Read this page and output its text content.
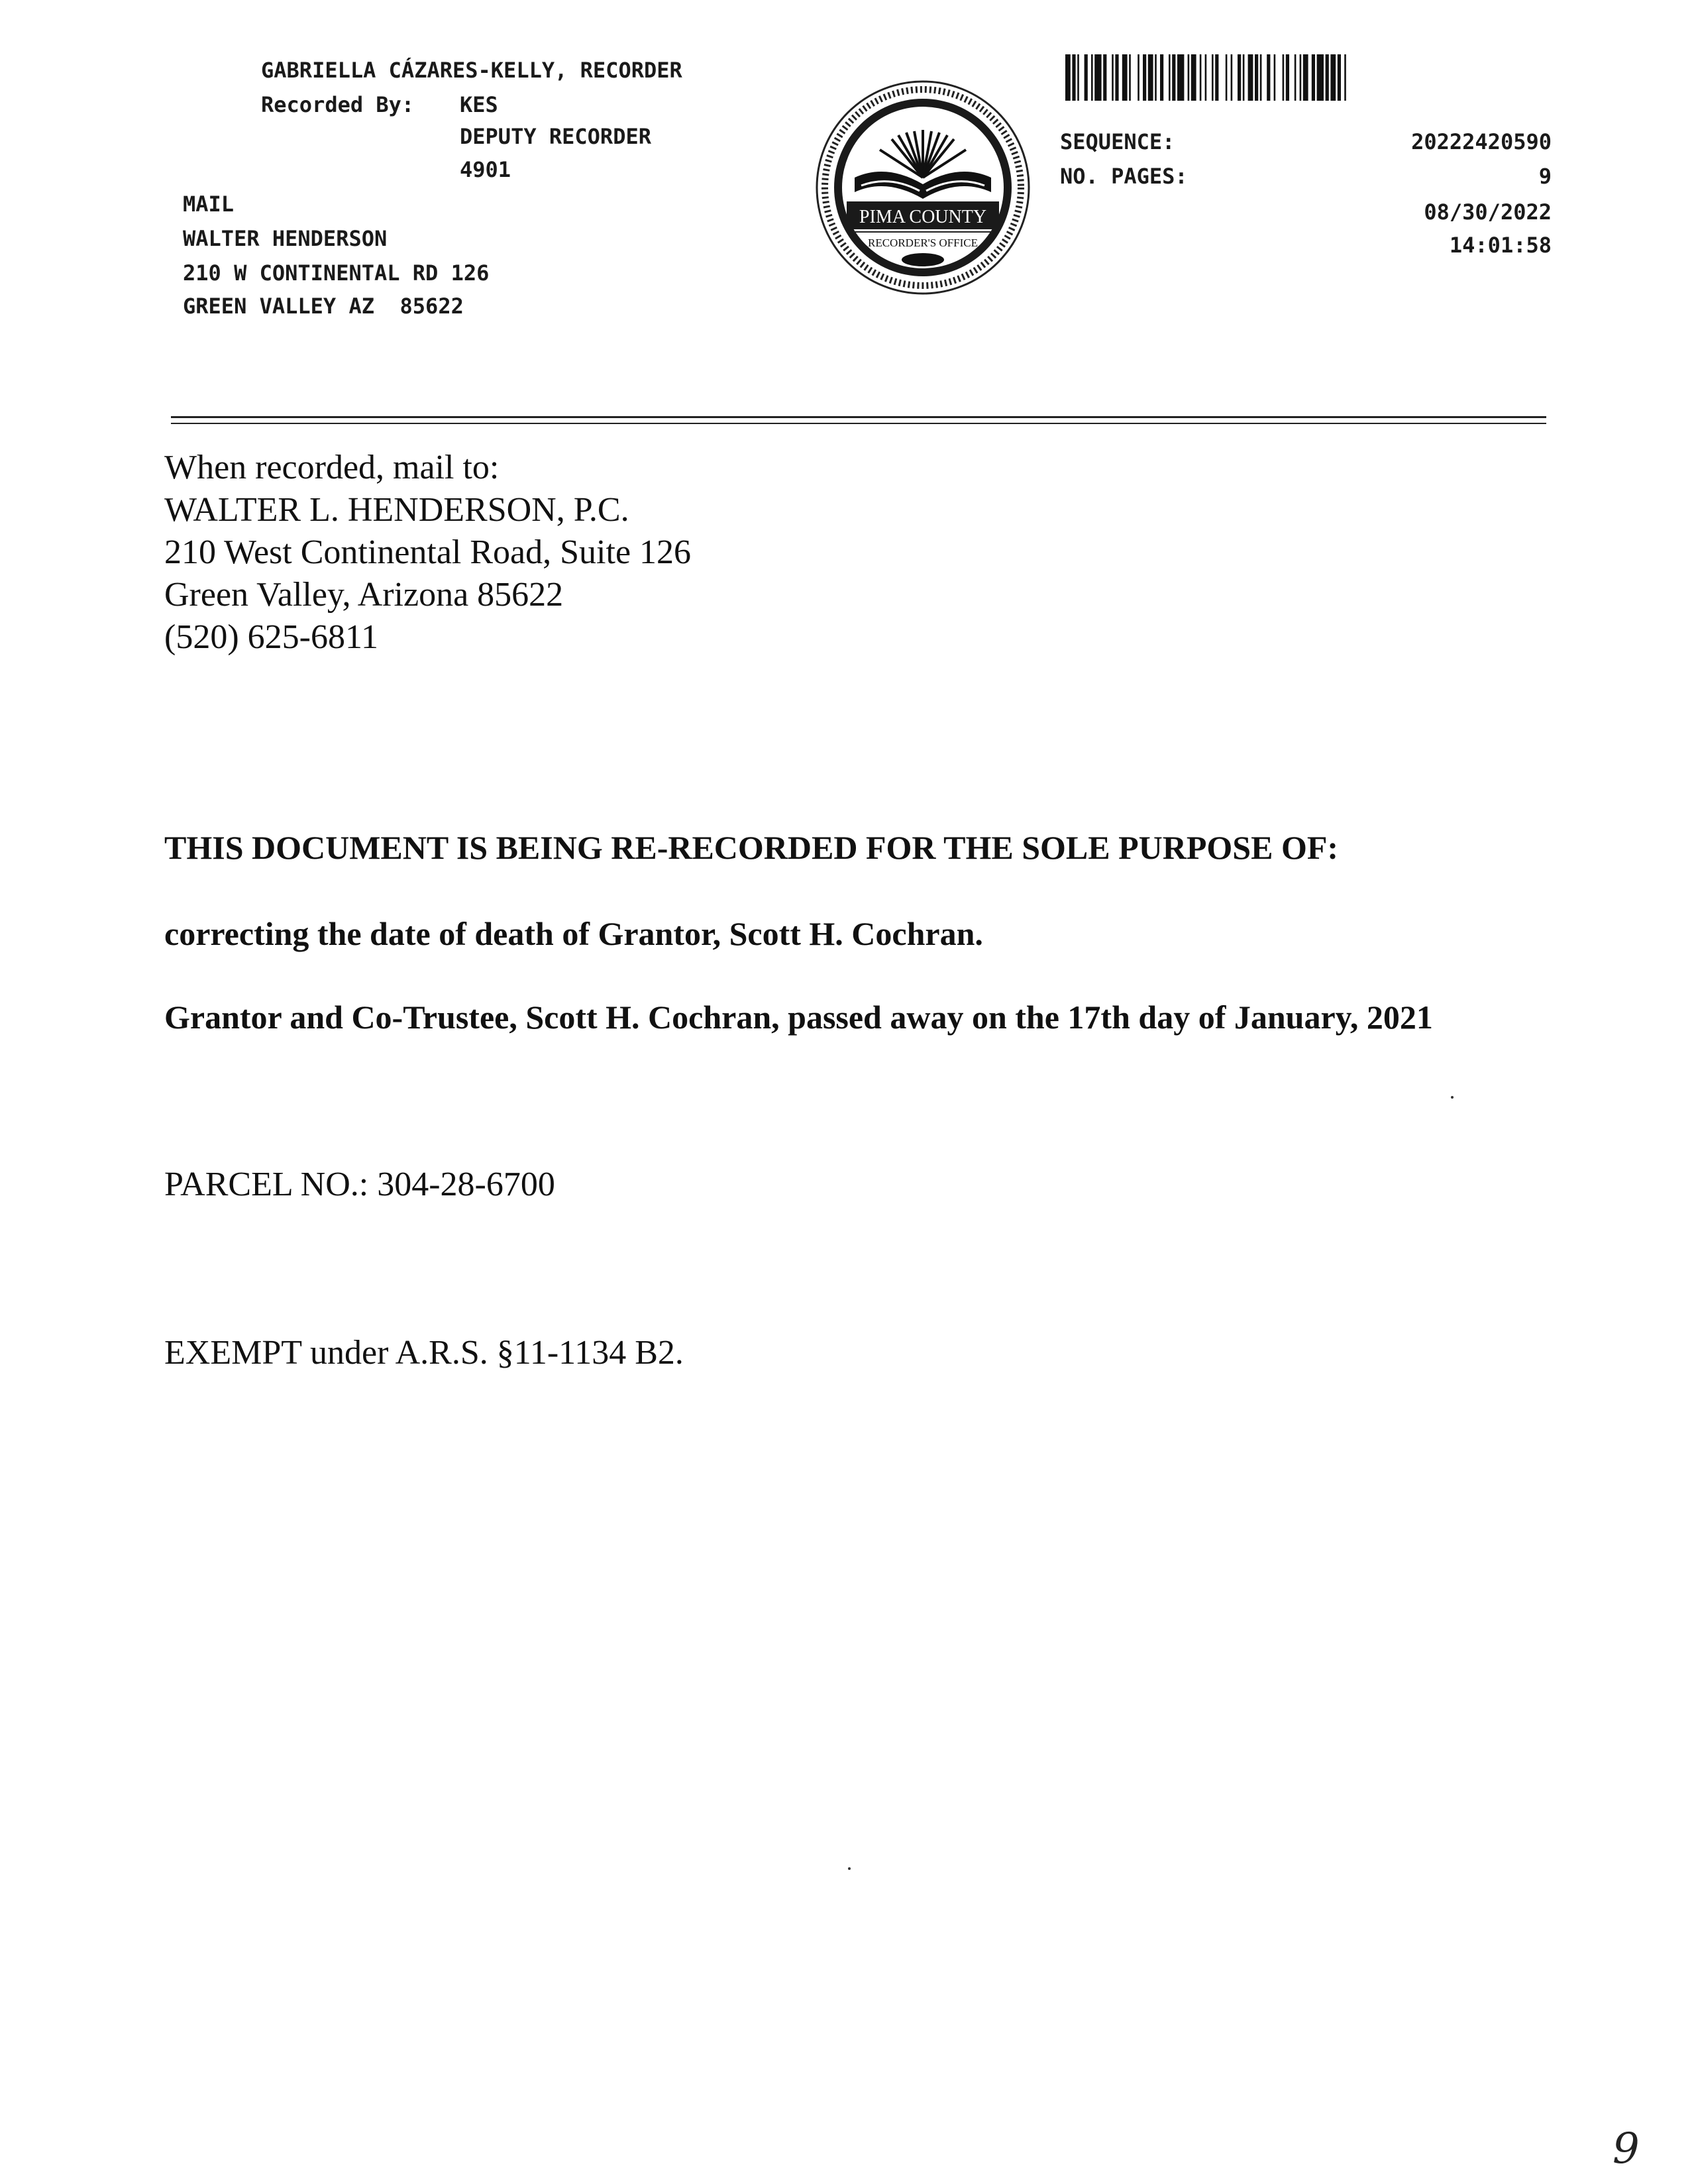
GABRIELLA CÁZARES-KELLY, RECORDER
Recorded By: KES
DEPUTY RECORDER
4901
MAIL
WALTER HENDERSON
210 W CONTINENTAL RD 126
GREEN VALLEY AZ  85622
PIMA COUNTY
RECORDER'S OFFICE
SEQUENCE:	20222420590
NO. PAGES:	9
08/30/2022
14:01:58
When recorded, mail to:
WALTER L. HENDERSON, P.C.
210 West Continental Road, Suite 126
Green Valley, Arizona 85622
(520) 625-6811
THIS DOCUMENT IS BEING RE-RECORDED FOR THE SOLE PURPOSE OF:
correcting the date of death of Grantor, Scott H. Cochran.
Grantor and Co-Trustee, Scott H. Cochran, passed away on the 17th day of January, 2021
PARCEL NO.: 304-28-6700
EXEMPT under A.R.S. §11-1134 B2.
9
